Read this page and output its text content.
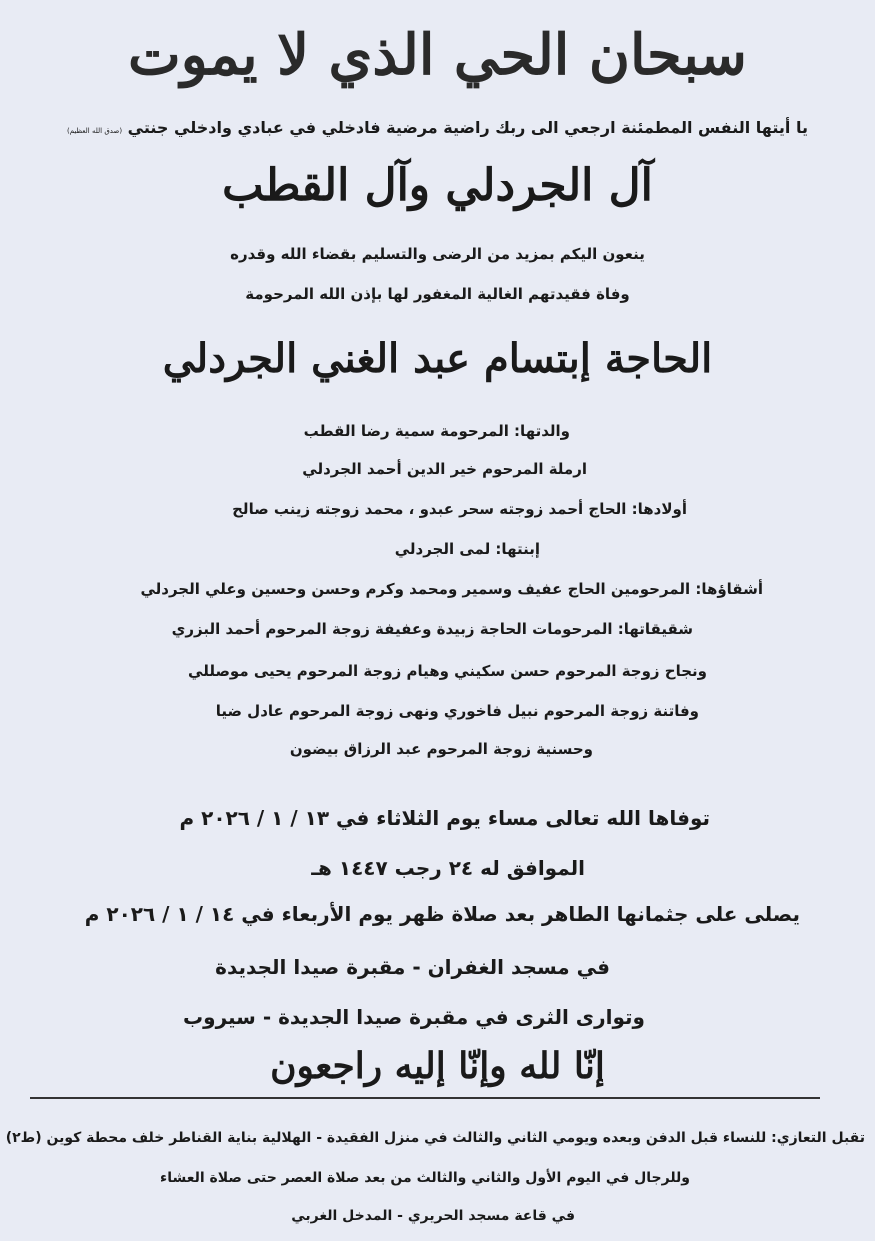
سبحان الحي الذي لا يموت
يا أيتها النفس المطمئنة ارجعي الى ربك راضية مرضية فادخلي في عبادي وادخلي جنتي (صدق الله العظيم)
آل الجردلي وآل القطب
ينعون اليكم بمزيد من الرضى والتسليم بقضاء الله وقدره
وفاة فقيدتهم الغالية المغفور لها بإذن الله المرحومة
الحاجة إبتسام عبد الغني الجردلي
والدتها: المرحومة سمية رضا القطب
ارملة المرحوم خير الدين أحمد الجردلي
أولادها: الحاج أحمد زوجته سحر عبدو ، محمد زوجته زينب صالح
إبنتها: لمى الجردلي
أشقاؤها: المرحومين الحاج عفيف وسمير ومحمد وكرم وحسن وحسين وعلي الجردلي
شقيقاتها: المرحومات الحاجة زبيدة وعفيفة زوجة المرحوم أحمد البزري
ونجاح زوجة المرحوم حسن سكيني وهيام زوجة المرحوم يحيى موصللي
وفاتنة زوجة المرحوم نبيل فاخوري ونهى زوجة المرحوم عادل ضيا
وحسنية زوجة المرحوم عبد الرزاق بيضون
توفاها الله تعالى مساء يوم الثلاثاء في ١٣ / ١ / ٢٠٢٦ م
الموافق له ٢٤ رجب ١٤٤٧ هـ
يصلى على جثمانها الطاهر بعد صلاة ظهر يوم الأربعاء في ١٤ / ١ / ٢٠٢٦ م
في مسجد الغفران - مقبرة صيدا الجديدة
وتوارى الثرى في مقبرة صيدا الجديدة - سيروب
إنّا لله وإنّا إليه راجعون
تقبل التعازي: للنساء قبل الدفن وبعده ويومي الثاني والثالث في منزل الفقيدة - الهلالية بناية القناطر خلف محطة كوين (ط٢)
وللرجال في اليوم الأول والثاني والثالث من بعد صلاة العصر حتى صلاة العشاء
في قاعة مسجد الحريري - المدخل الغربي
